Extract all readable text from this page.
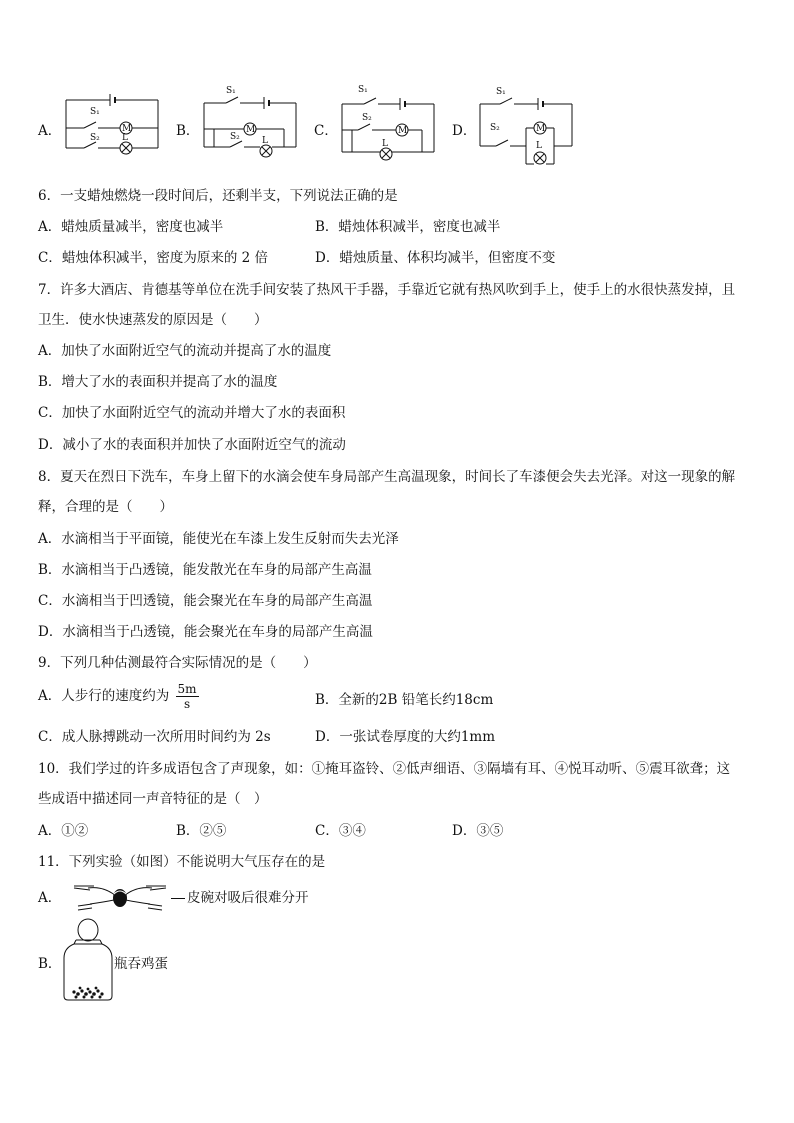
A．	M
L
S₁
S₂	B．	M
L
S₁
S₂	C．	M
L
S₁
S₂
D．	M
L
S₁
S₂
6．一支蜡烛燃烧一段时间后，还剩半支，下列说法正确的是
A．蜡烛质量减半，密度也减半	B．蜡烛体积减半，密度也减半
C．蜡烛体积减半，密度为原来的 2 倍	D．蜡烛质量、体积均减半，但密度不变
7．许多大酒店、肯德基等单位在洗手间安装了热风干手器，手靠近它就有热风吹到手上，使手上的水很快蒸发掉，且
卫生．使水快速蒸发的原因是（　　）
A．加快了水面附近空气的流动并提高了水的温度
B．增大了水的表面积并提高了水的温度
C．加快了水面附近空气的流动并增大了水的表面积
D．减小了水的表面积并加快了水面附近空气的流动
8．夏天在烈日下洗车，车身上留下的水滴会使车身局部产生高温现象，时间长了车漆便会失去光泽。对这一现象的解
释，合理的是（　　）
A．水滴相当于平面镜，能使光在车漆上发生反射而失去光泽
B．水滴相当于凸透镜，能发散光在车身的局部产生高温
C．水滴相当于凹透镜，能会聚光在车身的局部产生高温
D．水滴相当于凸透镜，能会聚光在车身的局部产生高温
9．下列几种估测最符合实际情况的是（　　）
A．人步行的速度约为 $\frac{5m}{s}$	B．全新的2B 铅笔长约18cm
C．成人脉搏跳动一次所用时间约为 2s	D．一张试卷厚度的大约1mm
10．我们学过的许多成语包含了声现象，如：①掩耳盗铃、②低声细语、③隔墙有耳、④悦耳动听、⑤震耳欲聋；这
些成语中描述同一声音特征的是（　）
A．①②	B．②⑤	C．③④	D．③⑤
11．下列实验（如图）不能说明大气压存在的是
A．	皮碗对吸后很难分开
B．	瓶吞鸡蛋
